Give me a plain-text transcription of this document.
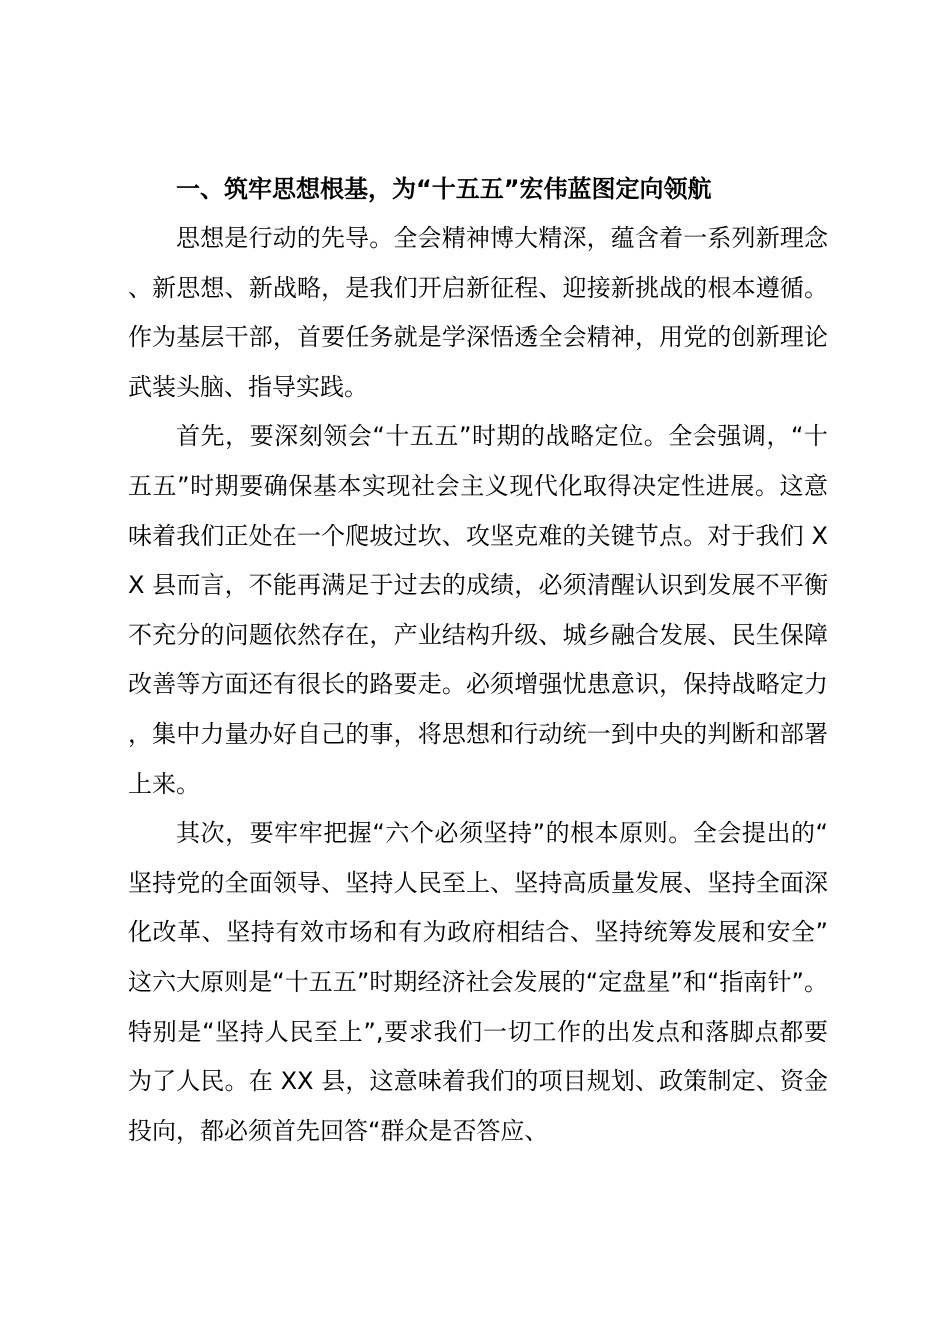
一、筑牢思想根基，为“十五五”宏伟蓝图定向领航

思想是行动的先导。全会精神博大精深，蕴含着一系列新理念、新思想、新战略，是我们开启新征程、迎接新挑战的根本遵循。作为基层干部，首要任务就是学深悟透全会精神，用党的创新理论武装头脑、指导实践。

首先，要深刻领会“十五五”时期的战略定位。全会强调，“十五五”时期要确保基本实现社会主义现代化取得决定性进展。这意味着我们正处在一个爬坡过坎、攻坚克难的关键节点。对于我们 XX 县而言，不能再满足于过去的成绩，必须清醒认识到发展不平衡不充分的问题依然存在，产业结构升级、城乡融合发展、民生保障改善等方面还有很长的路要走。必须增强忧患意识，保持战略定力，集中力量办好自己的事，将思想和行动统一到中央的判断和部署上来。

其次，要牢牢把握“六个必须坚持”的根本原则。全会提出的“坚持党的全面领导、坚持人民至上、坚持高质量发展、坚持全面深化改革、坚持有效市场和有为政府相结合、坚持统筹发展和安全”这六大原则是“十五五”时期经济社会发展的“定盘星”和“指南针”。特别是“坚持人民至上”,要求我们一切工作的出发点和落脚点都要为了人民。在 XX 县，这意味着我们的项目规划、政策制定、资金投向，都必须首先回答“群众是否答应、
